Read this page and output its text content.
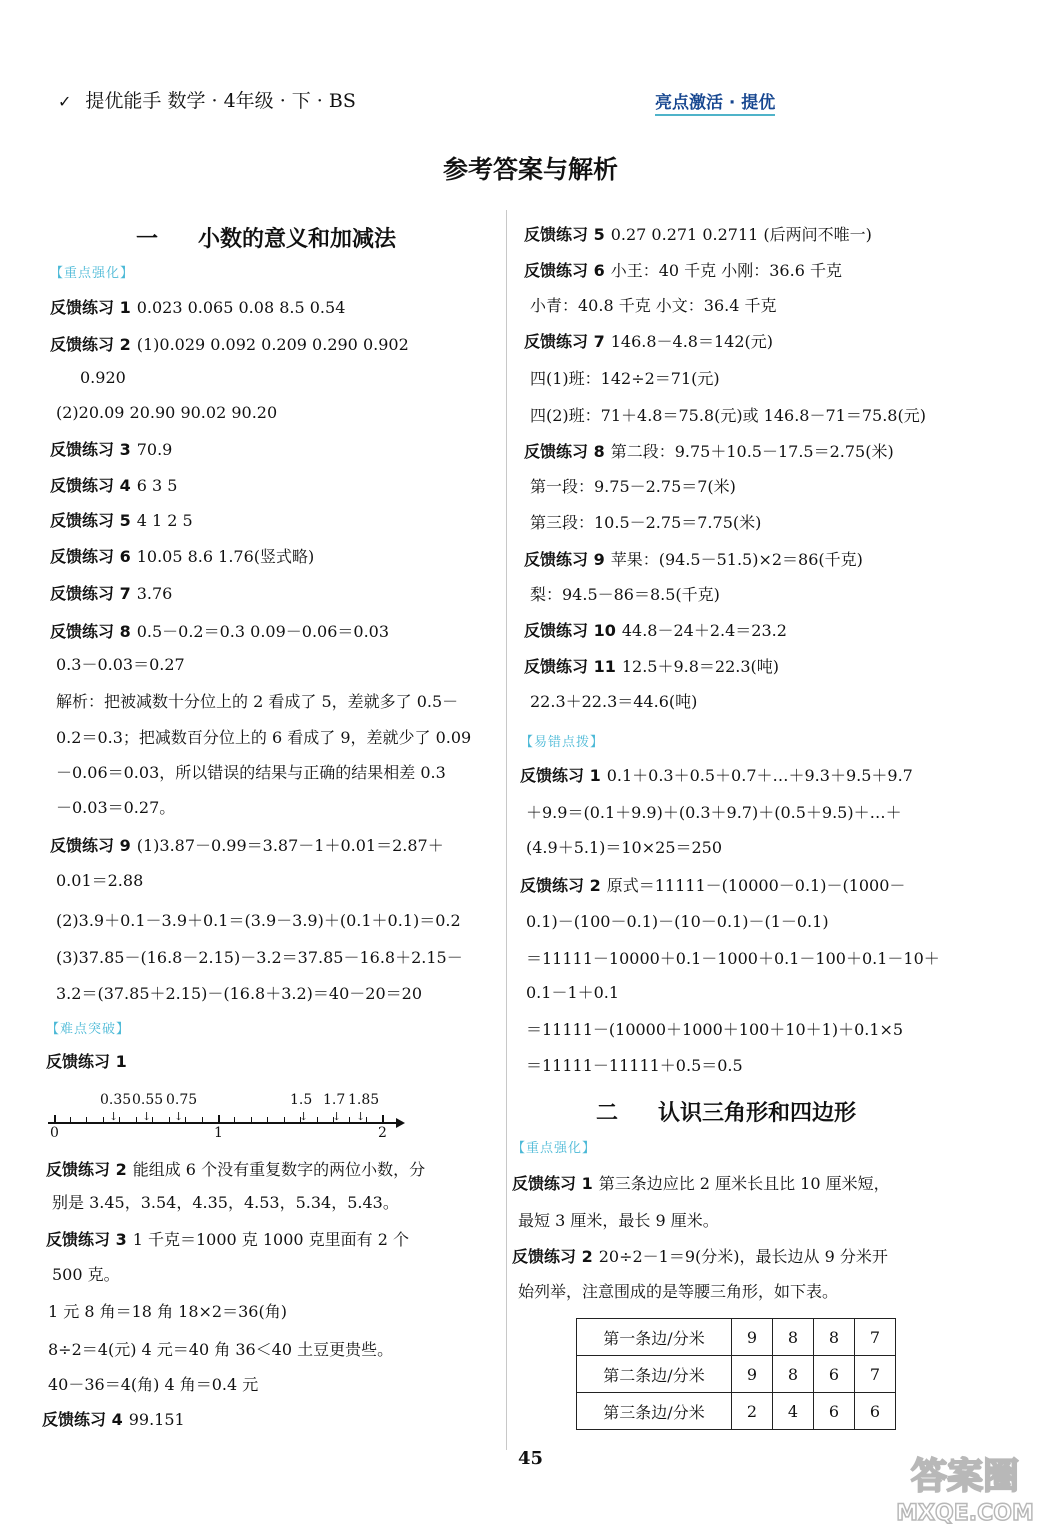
✓ 提优能手 数学 · 4年级 · 下 · BS	亮点激活 · 提优
参考答案与解析
一 小数的意义和加减法
【重点强化】
反馈练习 1 0.023 0.065 0.08 8.5 0.54
反馈练习 2 (1)0.029 0.092 0.209 0.290 0.902
0.920
(2)20.09 20.90 90.02 90.20
反馈练习 3 70.9
反馈练习 4 6 3 5
反馈练习 5 4 1 2 5
反馈练习 6 10.05 8.6 1.76(竖式略)
反馈练习 7 3.76
反馈练习 8 0.5－0.2＝0.3 0.09－0.06＝0.03
0.3－0.03＝0.27
解析：把被减数十分位上的 2 看成了 5，差就多了 0.5－
0.2＝0.3；把减数百分位上的 6 看成了 9，差就少了 0.09
－0.06＝0.03，所以错误的结果与正确的结果相差 0.3
－0.03＝0.27。
反馈练习 9 (1)3.87－0.99＝3.87－1＋0.01＝2.87＋
0.01＝2.88
(2)3.9＋0.1－3.9＋0.1＝(3.9－3.9)＋(0.1＋0.1)＝0.2
(3)37.85－(16.8－2.15)－3.2＝37.85－16.8＋2.15－
3.2＝(37.85＋2.15)－(16.8＋3.2)＝40－20＝20
【难点突破】
反馈练习 1
↓ ↓ ↓	↓ ↓ ↓
0.35 0.55 0.75	1.5 1.7 1.85
0	1	2
反馈练习 2 能组成 6 个没有重复数字的两位小数，分
别是 3.45，3.54，4.35，4.53，5.34，5.43。
反馈练习 3 1 千克＝1000 克 1000 克里面有 2 个
500 克。
1 元 8 角＝18 角 18×2＝36(角)
8÷2＝4(元) 4 元＝40 角 36＜40 土豆更贵些。
40－36＝4(角) 4 角＝0.4 元
反馈练习 4 99.151
反馈练习 5 0.27 0.271 0.2711 (后两问不唯一)
反馈练习 6 小王：40 千克 小刚：36.6 千克
小青：40.8 千克 小文：36.4 千克
反馈练习 7 146.8－4.8＝142(元)
四(1)班：142÷2＝71(元)
四(2)班：71＋4.8＝75.8(元)或 146.8－71＝75.8(元)
反馈练习 8 第二段：9.75＋10.5－17.5＝2.75(米)
第一段：9.75－2.75＝7(米)
第三段：10.5－2.75＝7.75(米)
反馈练习 9 苹果：(94.5－51.5)×2＝86(千克)
梨：94.5－86＝8.5(千克)
反馈练习 10 44.8－24＋2.4＝23.2
反馈练习 11 12.5＋9.8＝22.3(吨)
22.3＋22.3＝44.6(吨)
【易错点拨】
反馈练习 1 0.1＋0.3＋0.5＋0.7＋…＋9.3＋9.5＋9.7
＋9.9＝(0.1＋9.9)＋(0.3＋9.7)＋(0.5＋9.5)＋…＋
(4.9＋5.1)＝10×25＝250
反馈练习 2 原式＝11111－(10000－0.1)－(1000－
0.1)－(100－0.1)－(10－0.1)－(1－0.1)
＝11111－10000＋0.1－1000＋0.1－100＋0.1－10＋
0.1－1＋0.1
＝11111－(10000＋1000＋100＋10＋1)＋0.1×5
＝11111－11111＋0.5＝0.5
二 认识三角形和四边形
【重点强化】
反馈练习 1 第三条边应比 2 厘米长且比 10 厘米短，
最短 3 厘米，最长 9 厘米。
反馈练习 2 20÷2－1＝9(分米)，最长边从 9 分米开
始列举，注意围成的是等腰三角形，如下表。
第一条边/分米	9	8	8	7
第二条边/分米	9	8	6	7
第三条边/分米	2	4	6	6
45	答案圈
MXQE.COM
